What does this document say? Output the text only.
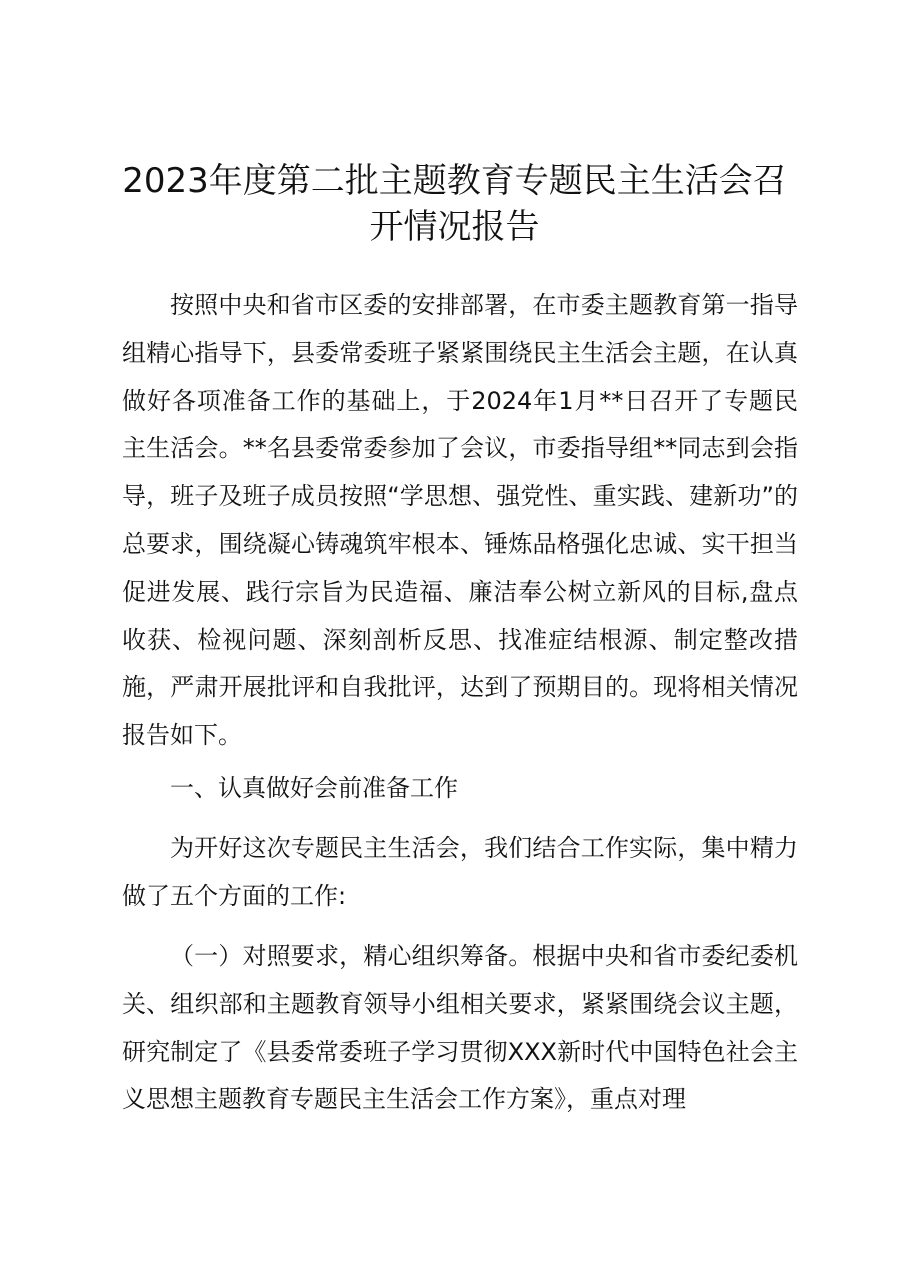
2023年度第二批主题教育专题民主生活会召开情况报告

按照中央和省市区委的安排部署，在市委主题教育第一指导组精心指导下，县委常委班子紧紧围绕民主生活会主题，在认真做好各项准备工作的基础上，于2024年1月**日召开了专题民主生活会。**名县委常委参加了会议，市委指导组**同志到会指导，班子及班子成员按照“学思想、强党性、重实践、建新功”的总要求，围绕凝心铸魂筑牢根本、锤炼品格强化忠诚、实干担当促进发展、践行宗旨为民造福、廉洁奉公树立新风的目标,盘点收获、检视问题、深刻剖析反思、找准症结根源、制定整改措施，严肃开展批评和自我批评，达到了预期目的。现将相关情况报告如下。

一、认真做好会前准备工作

为开好这次专题民主生活会，我们结合工作实际，集中精力做了五个方面的工作:

（一）对照要求，精心组织筹备。根据中央和省市委纪委机关、组织部和主题教育领导小组相关要求，紧紧围绕会议主题，研究制定了《县委常委班子学习贯彻XXX新时代中国特色社会主义思想主题教育专题民主生活会工作方案》，重点对理
